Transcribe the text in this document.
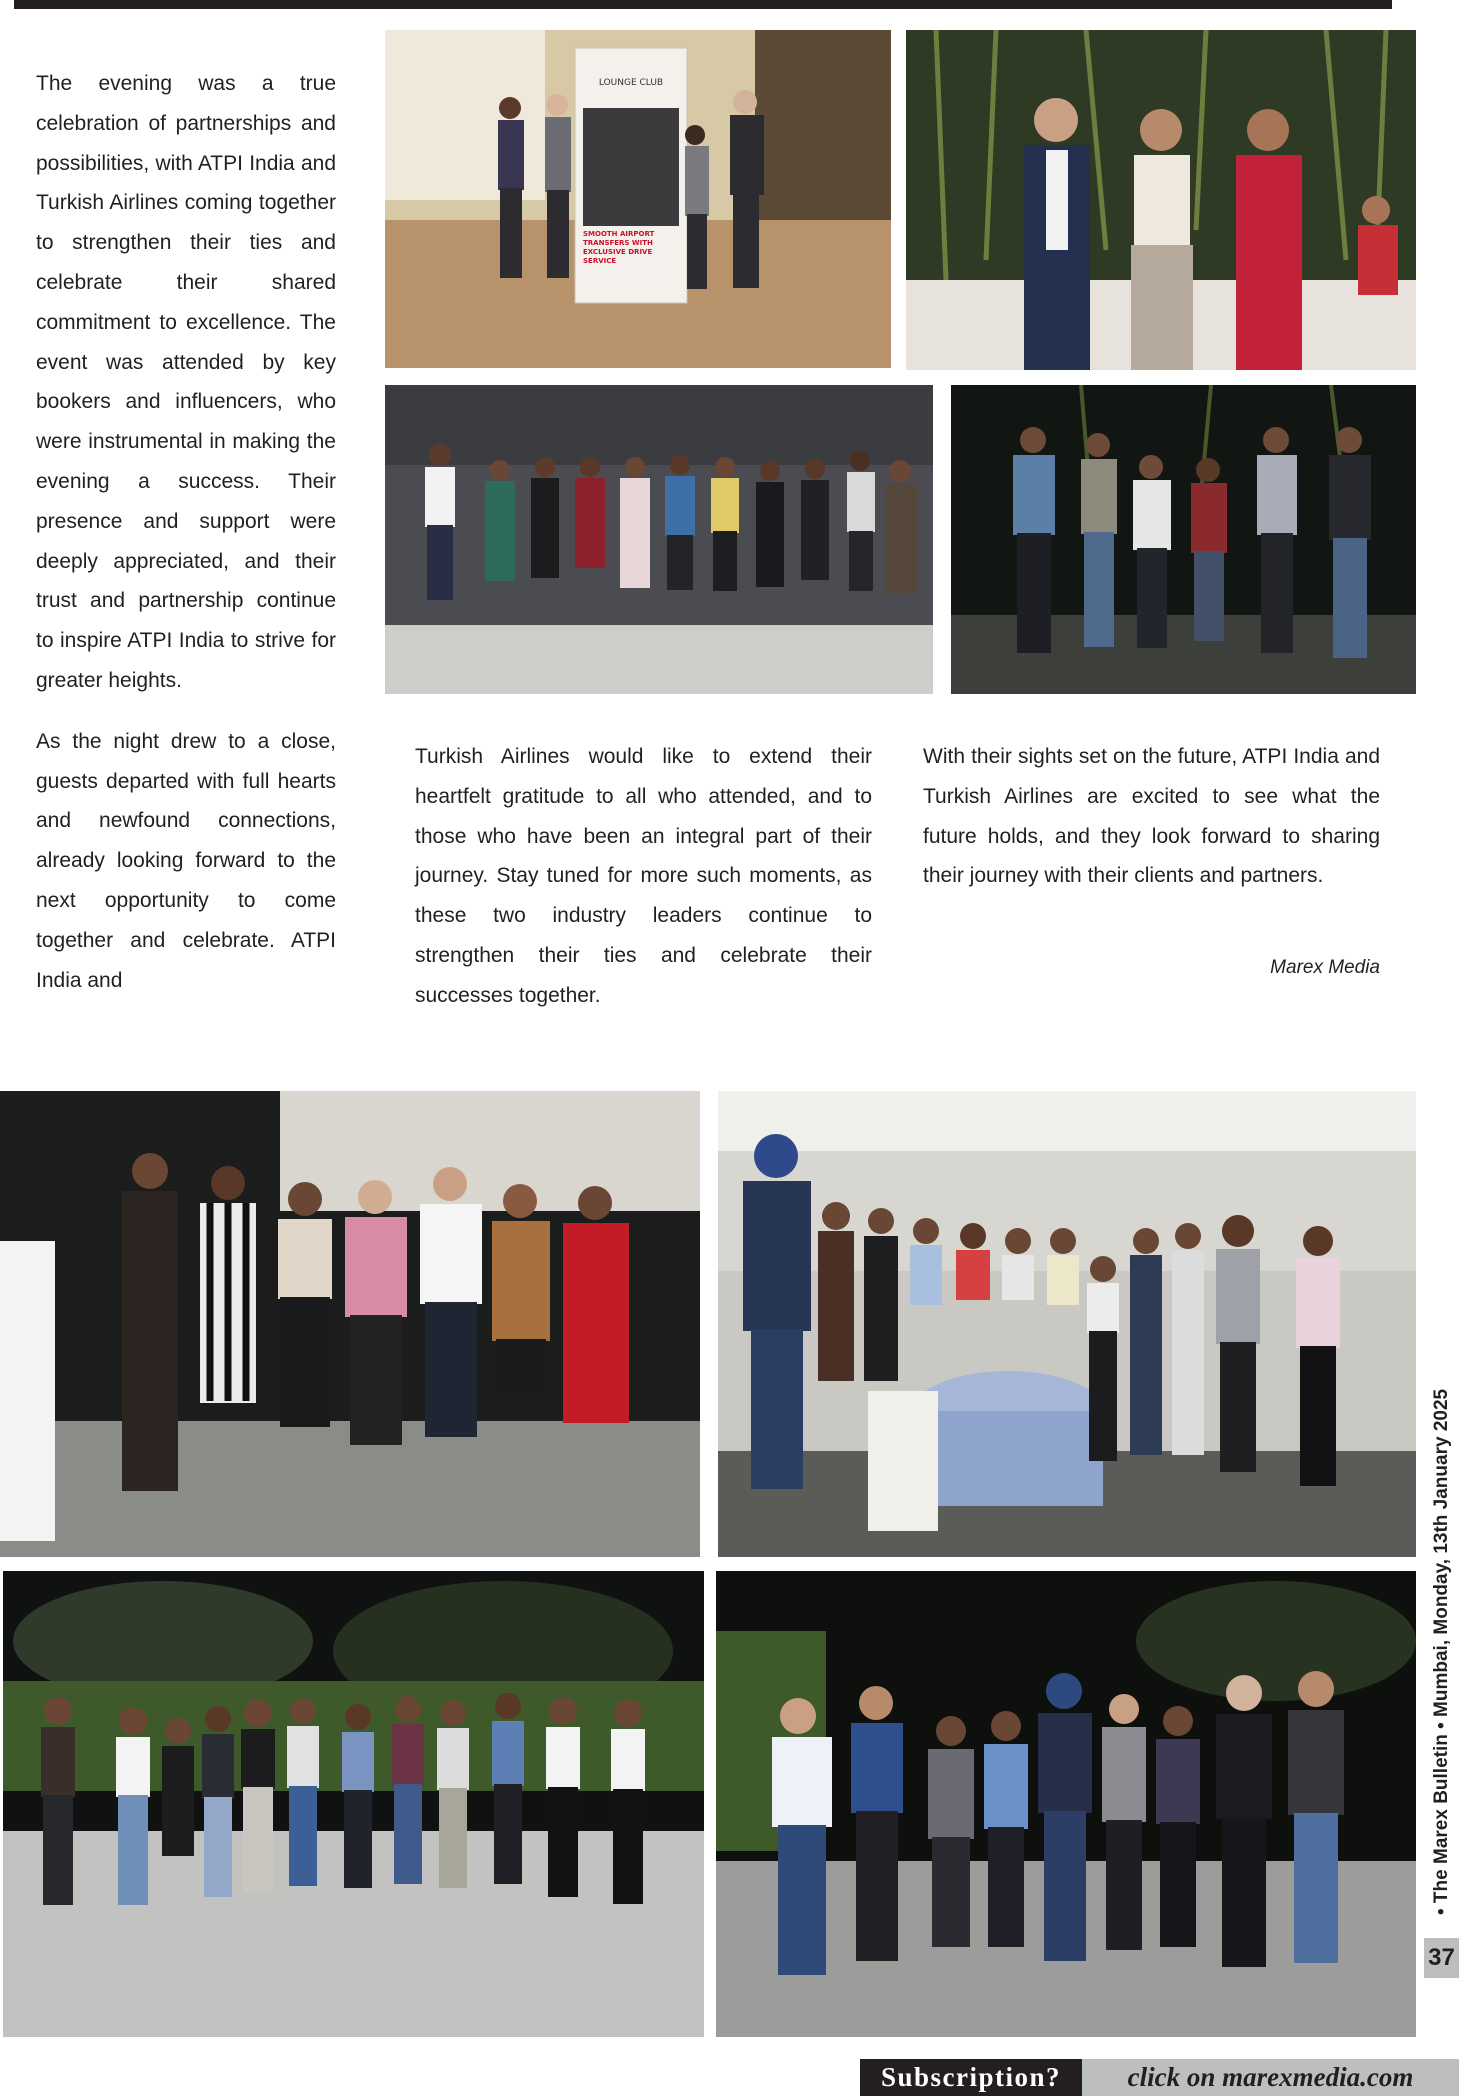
The evening was a true celebration of partnerships and possibilities, with ATPI India and Turkish Airlines coming together to strengthen their ties and celebrate their shared commitment to excellence. The event was attended by key bookers and influencers, who were instrumental in making the evening a success. Their presence and support were deeply appreciated, and their trust and partnership continue to inspire ATPI India to strive for greater heights.

As the night drew to a close, guests departed with full hearts and newfound connections, already looking forward to the next opportunity to come together and celebrate. ATPI India and

Turkish Airlines would like to extend their heartfelt gratitude to all who attended, and to those who have been an integral part of their journey. Stay tuned for more such moments, as these two industry leaders continue to strengthen their ties and celebrate their successes together.

With their sights set on the future, ATPI India and Turkish Airlines are excited to see what the future holds, and they look forward to sharing their journey with their clients and partners.

Marex Media
LOUNGE CLUB
SMOOTH AIRPORT TRANSFERS WITH EXCLUSIVE DRIVE SERVICE
• The Marex Bulletin • Mumbai, Monday, 13th January 2025
37
Subscription?	click on marexmedia.com
